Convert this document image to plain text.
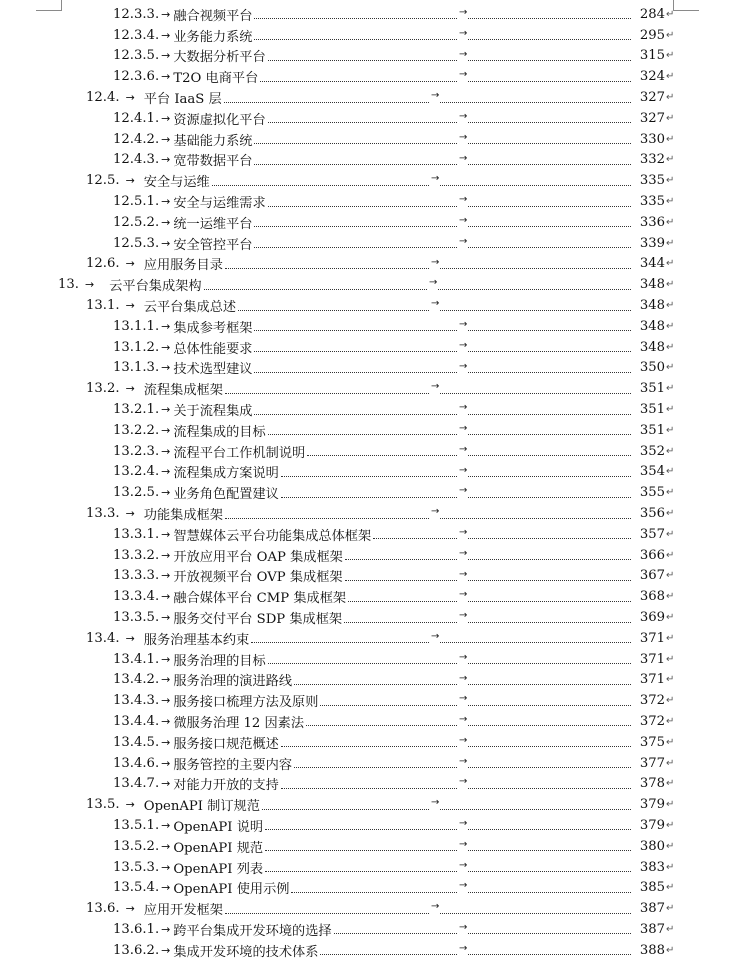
12.3.3. → 融合视频平台	→	284 ↵
12.3.4. → 业务能力系统	→	295 ↵
12.3.5. → 大数据分析平台	→	315 ↵
12.3.6. → T2O 电商平台	→	324 ↵
12.4. → 平台 IaaS 层	→	327 ↵
12.4.1. → 资源虚拟化平台	→	327 ↵
12.4.2. → 基础能力系统	→	330 ↵
12.4.3. → 宽带数据平台	→	332 ↵
12.5. → 安全与运维	→	335 ↵
12.5.1. → 安全与运维需求	→	335 ↵
12.5.2. → 统一运维平台	→	336 ↵
12.5.3. → 安全管控平台	→	339 ↵
12.6. → 应用服务目录	→	344 ↵
13. → 云平台集成架构	→	348 ↵
13.1. → 云平台集成总述	→	348 ↵
13.1.1. → 集成参考框架	→	348 ↵
13.1.2. → 总体性能要求	→	348 ↵
13.1.3. → 技术选型建议	→	350 ↵
13.2. → 流程集成框架	→	351 ↵
13.2.1. → 关于流程集成	→	351 ↵
13.2.2. → 流程集成的目标	→	351 ↵
13.2.3. → 流程平台工作机制说明	→	352 ↵
13.2.4. → 流程集成方案说明	→	354 ↵
13.2.5. → 业务角色配置建议	→	355 ↵
13.3. → 功能集成框架	→	356 ↵
13.3.1. → 智慧媒体云平台功能集成总体框架	→	357 ↵
13.3.2. → 开放应用平台 OAP 集成框架	→	366 ↵
13.3.3. → 开放视频平台 OVP 集成框架	→	367 ↵
13.3.4. → 融合媒体平台 CMP 集成框架	→	368 ↵
13.3.5. → 服务交付平台 SDP 集成框架	→	369 ↵
13.4. → 服务治理基本约束	→	371 ↵
13.4.1. → 服务治理的目标	→	371 ↵
13.4.2. → 服务治理的演进路线	→	371 ↵
13.4.3. → 服务接口梳理方法及原则	→	372 ↵
13.4.4. → 微服务治理 12 因素法	→	372 ↵
13.4.5. → 服务接口规范概述	→	375 ↵
13.4.6. → 服务管控的主要内容	→	377 ↵
13.4.7. → 对能力开放的支持	→	378 ↵
13.5. → OpenAPI 制订规范	→	379 ↵
13.5.1. → OpenAPI 说明	→	379 ↵
13.5.2. → OpenAPI 规范	→	380 ↵
13.5.3. → OpenAPI 列表	→	383 ↵
13.5.4. → OpenAPI 使用示例	→	385 ↵
13.6. → 应用开发框架	→	387 ↵
13.6.1. → 跨平台集成开发环境的选择	→	387 ↵
13.6.2. → 集成开发环境的技术体系	→	388 ↵
